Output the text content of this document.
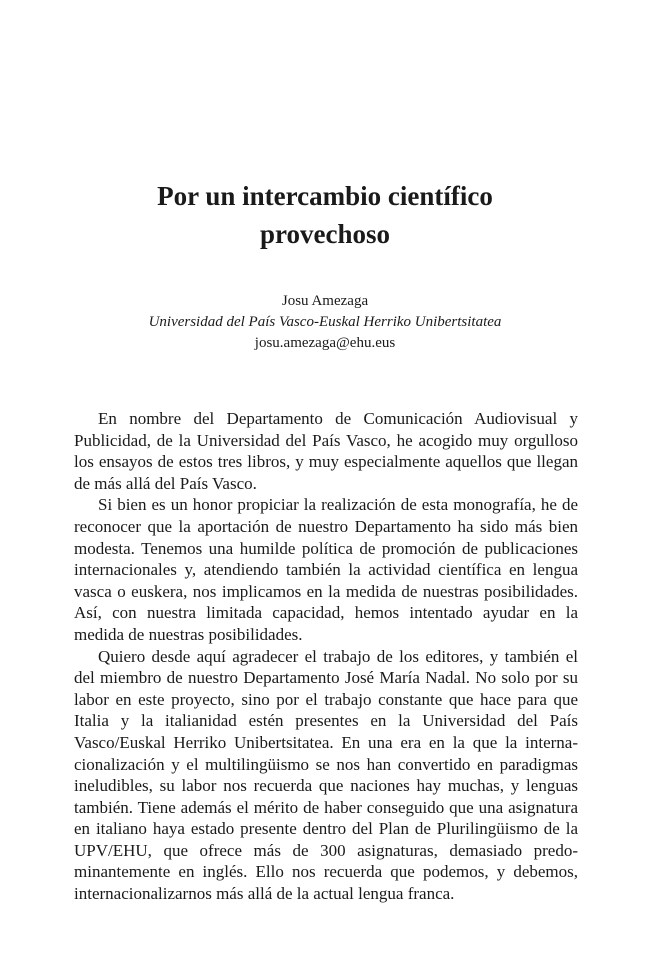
Por un intercambio científico
provechoso
Josu Amezaga
Universidad del País Vasco-Euskal Herriko Unibertsitatea
josu.amezaga@ehu.eus

En nombre del Departamento de Comunicación Audiovisual y Publicidad, de la Universidad del País Vasco, he acogido muy orgulloso los ensayos de estos tres libros, y muy especialmente aquellos que llegan de más allá del País Vasco.

Si bien es un honor propiciar la realización de esta monografía, he de reconocer que la aportación de nuestro Departamento ha sido más bien modesta. Tenemos una humilde política de promoción de publicaciones internacionales y, atendiendo también la actividad científica en lengua vasca o euskera, nos implicamos en la medida de nuestras posibilidades. Así, con nuestra limitada capacidad, hemos intentado ayudar en la medida de nuestras posibilidades.

Quiero desde aquí agradecer el trabajo de los editores, y también el del miembro de nuestro Departamento José María Nadal. No solo por su labor en este proyecto, sino por el trabajo constante que hace para que Italia y la italianidad estén presentes en la Universidad del País Vasco/Euskal Herriko Unibertsitatea. En una era en la que la internacionalización y el multilingüismo se nos han convertido en paradigmas ineludibles, su labor nos recuerda que naciones hay muchas, y lenguas también. Tiene además el mérito de haber conseguido que una asignatura en italiano haya estado presente dentro del Plan de Plurilingüismo de la UPV/EHU, que ofrece más de 300 asignaturas, demasiado predominantemente en inglés. Ello nos recuerda que podemos, y debemos, internacionalizarnos más allá de la actual lengua franca.
